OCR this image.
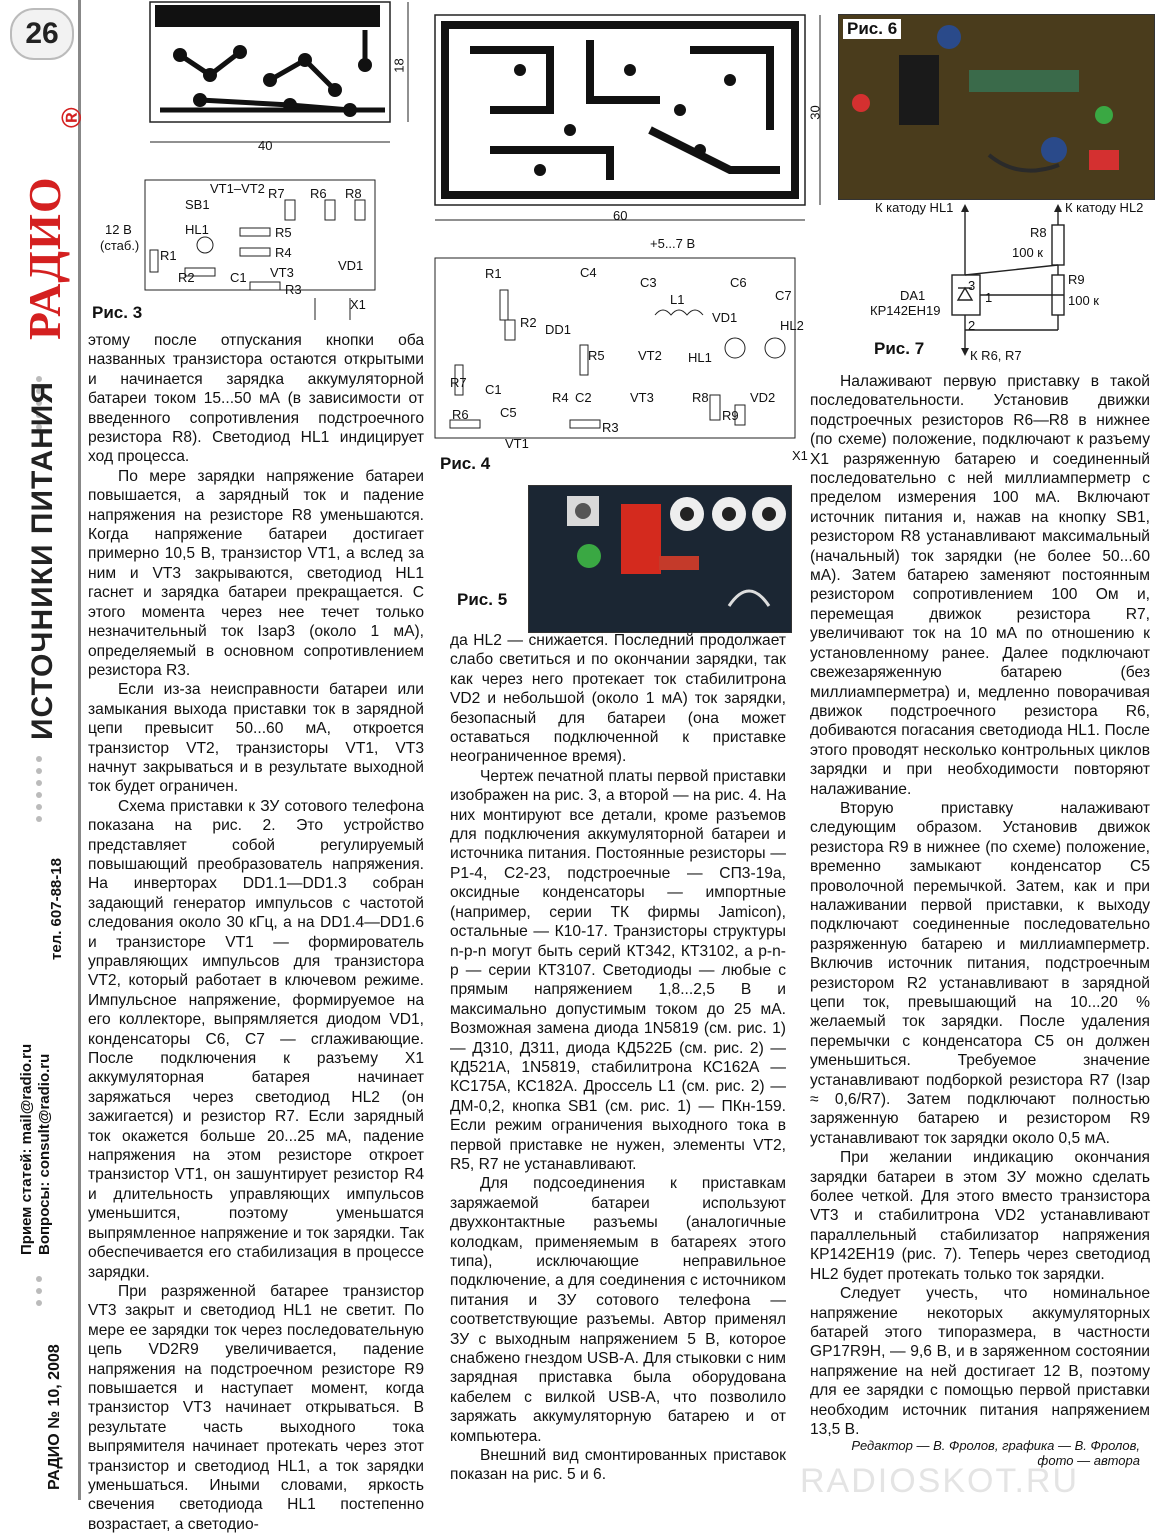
26
®
РАДИО
ИСТОЧНИКИ ПИТАНИЯ
тел. 607-88-18
Прием статей: mail@radio.ru Вопросы: consult@radio.ru
РАДИО № 10, 2008
40
18
VT1–VT2
SB1
R7 R6 R8
HL1	R5
R4
R1
R2	C1 VT3
R3
VD1
X1
12 В
(стаб.)
Рис. 3
60
30
+5...7 В
R1
R2 DD1
C4
C3
L1
VD1
C6
C7
HL2
R5	VT2 HL1
R7 C1
R6 C5
R4 C2
R3
VT3	R8
R9
VD2
VT1
X1
Рис. 4
Рис. 5
Рис. 6
К катоду HL1	К катоду HL2
R8
100 к
R9
100 к
DA1
КР142ЕН19
3
1
2
К R6, R7
Рис. 7

этому после отпускания кнопки оба названных транзистора остаются открытыми и начинается зарядка аккумуляторной батареи током 15...50 мА (в зависимости от введенного сопротивления подстроечного резистора R8). Светодиод HL1 индицирует ход процесса.

По мере зарядки напряжение батареи повышается, а зарядный ток и падение напряжения на резисторе R8 уменьшаются. Когда напряжение батареи достигает примерно 10,5 В, транзистор VT1, а вслед за ним и VT3 закрываются, светодиод HL1 гаснет и зарядка батареи прекращается. С этого момента через нее течет только незначительный ток Iзар3 (около 1 мА), определяемый в основном сопротивлением резистора R3.

Если из-за неисправности батареи или замыкания выхода приставки ток в зарядной цепи превысит 50...60 мА, откроется транзистор VT2, транзисторы VT1, VT3 начнут закрываться и в результате выходной ток будет ограничен.

Схема приставки к ЗУ сотового телефона показана на рис. 2. Это устройство представляет собой регулируемый повышающий преобразователь напряжения. На инверторах DD1.1—DD1.3 собран задающий генератор импульсов с частотой следования около 30 кГц, а на DD1.4—DD1.6 и транзисторе VT1 — формирователь управляющих импульсов для транзистора VT2, который работает в ключевом режиме. Импульсное напряжение, формируемое на его коллекторе, выпрямляется диодом VD1, конденсаторы C6, C7 — сглаживающие. После подключения к разъему X1 аккумуляторная батарея начинает заряжаться через светодиод HL2 (он зажигается) и резистор R7. Если зарядный ток окажется больше 20...25 мА, падение напряжения на этом резисторе откроет транзистор VT1, он зашунтирует резистор R4 и длительность управляющих импульсов уменьшится, поэтому уменьшатся выпрямленное напряжение и ток зарядки. Так обеспечивается его стабилизация в процессе зарядки.

При разряженной батарее транзистор VT3 закрыт и светодиод HL1 не светит. По мере ее зарядки ток через последовательную цепь VD2R9 увеличивается, падение напряжения на подстроечном резисторе R9 повышается и наступает момент, когда транзистор VT3 начинает открываться. В результате часть выходного тока выпрямителя начинает протекать через этот транзистор и светодиод HL1, а ток зарядки уменьшаться. Иными словами, яркость свечения светодиода HL1 постепенно возрастает, а светодио-

да HL2 — снижается. Последний продолжает слабо светиться и по окончании зарядки, так как через него протекает ток стабилитрона VD2 и небольшой (около 1 мА) ток зарядки, безопасный для батареи (она может оставаться подключенной к приставке неограниченное время).

Чертеж печатной платы первой приставки изображен на рис. 3, а второй — на рис. 4. На них монтируют все детали, кроме разъемов для подключения аккумуляторной батареи и источника питания. Постоянные резисторы — Р1-4, С2-23, подстроечные — СП3-19а, оксидные конденсаторы — импортные (например, серии ТК фирмы Jamicon), остальные — К10-17. Транзисторы структуры n-p-n могут быть серий КТ342, КТ3102, а p-n-p — серии КТ3107. Светодиоды — любые с прямым напряжением 1,8...2,5 В и максимально допустимым током до 25 мА. Возможная замена диода 1N5819 (см. рис. 1) — Д310, Д311, диода КД522Б (см. рис. 2) — КД521А, 1N5819, стабилитрона КС162А — КС175А, КС182А. Дроссель L1 (см. рис. 2) — ДМ-0,2, кнопка SB1 (см. рис. 1) — ПКн-159. Если режим ограничения выходного тока в первой приставке не нужен, элементы VT2, R5, R7 не устанавливают.

Для подсоединения к приставкам заряжаемой батареи используют двухконтактные разъемы (аналогичные колодкам, применяемым в батареях этого типа), исключающие неправильное подключение, а для соединения с источником питания и ЗУ сотового телефона — соответствующие разъемы. Автор применял ЗУ с выходным напряжением 5 В, которое снабжено гнездом USB-A. Для стыковки с ним зарядная приставка была оборудована кабелем с вилкой USB-A, что позволило заряжать аккумуляторную батарею и от компьютера.

Внешний вид смонтированных приставок показан на рис. 5 и 6.

Налаживают первую приставку в такой последовательности. Установив движки подстроечных резисторов R6—R8 в нижнее (по схеме) положение, подключают к разъему X1 разряженную батарею и соединенный последовательно с ней миллиамперметр с пределом измерения 100 мА. Включают источник питания и, нажав на кнопку SB1, резистором R8 устанавливают максимальный (начальный) ток зарядки (не более 50...60 мА). Затем батарею заменяют постоянным резистором сопротивлением 100 Ом и, перемещая движок резистора R7, увеличивают ток на 10 мА по отношению к установленному ранее. Далее подключают свежезаряженную батарею (без миллиамперметра) и, медленно поворачивая движок подстроечного резистора R6, добиваются погасания светодиода HL1. После этого проводят несколько контрольных циклов зарядки и при необходимости повторяют налаживание.

Вторую приставку налаживают следующим образом. Установив движок резистора R9 в нижнее (по схеме) положение, временно замыкают конденсатор C5 проволочной перемычкой. Затем, как и при налаживании первой приставки, к выходу подключают соединенные последовательно разряженную батарею и миллиамперметр. Включив источник питания, подстроечным резистором R2 устанавливают в зарядной цепи ток, превышающий на 10...20 % желаемый ток зарядки. После удаления перемычки с конденсатора C5 он должен уменьшиться. Требуемое значение устанавливают подборкой резистора R7 (Iзар ≈ 0,6/R7). Затем подключают полностью заряженную батарею и резистором R9 устанавливают ток зарядки около 0,5 мА.

При желании индикацию окончания зарядки батареи в этом ЗУ можно сделать более четкой. Для этого вместо транзистора VT3 и стабилитрона VD2 устанавливают параллельный стабилизатор напряжения КР142ЕН19 (рис. 7). Теперь через светодиод HL2 будет протекать только ток зарядки.

Следует учесть, что номинальное напряжение некоторых аккумуляторных батарей этого типоразмера, в частности GP17R9H, — 9,6 В, и в заряженном состоянии напряжение на ней достигает 12 В, поэтому для ее зарядки с помощью первой приставки необходим источник питания напряжением 13,5 В.

Редактор — В. Фролов, графика — В. Фролов,
фото — автора
RADIOSKOT.RU
